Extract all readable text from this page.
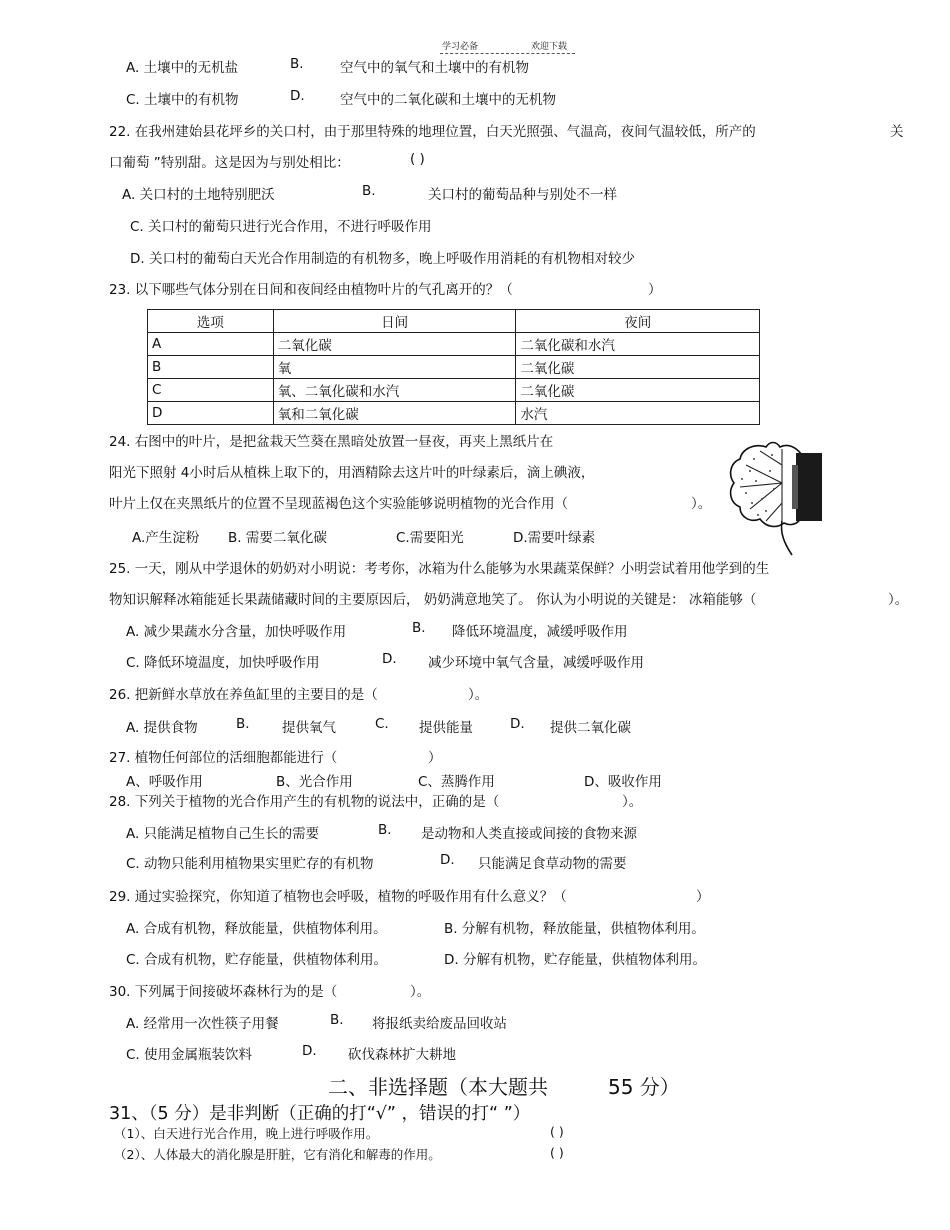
学习必备	欢迎下载
A. 土壤中的无机盐	B.	空气中的氧气和土壤中的有机物
C. 土壤中的有机物	D.	空气中的二氧化碳和土壤中的无机物
22. 在我州建始县花坪乡的关口村，由于那里特殊的地理位置，白天光照强、气温高，夜间气温较低，所产的	关
口葡萄 ”特别甜。这是因为与别处相比：	( )
A. 关口村的土地特别肥沃	B.	关口村的葡萄品种与别处不一样
C. 关口村的葡萄只进行光合作用，不进行呼吸作用
D. 关口村的葡萄白天光合作用制造的有机物多，晚上呼吸作用消耗的有机物相对较少
23. 以下哪些气体分别在日间和夜间经由植物叶片的气孔离开的？（	）
选项	日间	夜间
A	二氧化碳	二氧化碳和水汽
B	氧	二氧化碳
C	氧、二氧化碳和水汽	二氧化碳
D	氧和二氧化碳	水汽
24. 右图中的叶片，是把盆栽天竺葵在黑暗处放置一昼夜，再夹上黑纸片在
阳光下照射 4小时后从植株上取下的，用酒精除去这片叶的叶绿素后，滴上碘液，
叶片上仅在夹黑纸片的位置不呈现蓝褐色这个实验能够说明植物的光合作用（	）。
A.产生淀粉 B. 需要二氧化碳	C.需要阳光	D.需要叶绿素
25. 一天，刚从中学退休的奶奶对小明说：考考你，冰箱为什么能够为水果蔬菜保鲜？小明尝试着用他学到的生
物知识解释冰箱能延长果蔬储藏时间的主要原因后， 奶奶满意地笑了。 你认为小明说的关键是： 冰箱能够（	）。
A. 减少果蔬水分含量，加快呼吸作用	B. 降低环境温度，减缓呼吸作用
C. 降低环境温度，加快呼吸作用	D. 减少环境中氧气含量，减缓呼吸作用
26. 把新鲜水草放在养鱼缸里的主要目的是（	）。
A. 提供食物	B. 提供氧气	C. 提供能量	D. 提供二氧化碳
27. 植物任何部位的活细胞都能进行（	）
A、呼吸作用	B、光合作用	C、蒸腾作用	D、吸收作用
28. 下列关于植物的光合作用产生的有机物的说法中，正确的是（	）。
A. 只能满足植物自己生长的需要	B. 是动物和人类直接或间接的食物来源
C. 动物只能利用植物果实里贮存的有机物	D. 只能满足食草动物的需要
29. 通过实验探究，你知道了植物也会呼吸，植物的呼吸作用有什么意义？（	）
A. 合成有机物，释放能量，供植物体利用。	B. 分解有机物，释放能量，供植物体利用。
C. 合成有机物，贮存能量，供植物体利用。	D. 分解有机物，贮存能量，供植物体利用。
30. 下列属于间接破坏森林行为的是（	）。
A. 经常用一次性筷子用餐	B. 将报纸卖给废品回收站
C. 使用金属瓶装饮料	D. 砍伐森林扩大耕地
二、非选择题（本大题共	55 分）
31、（5 分）是非判断（正确的打“√” ，错误的打“ ”）
（1）、白天进行光合作用，晚上进行呼吸作用。	( )
（2）、人体最大的消化腺是肝脏，它有消化和解毒的作用。	( )
